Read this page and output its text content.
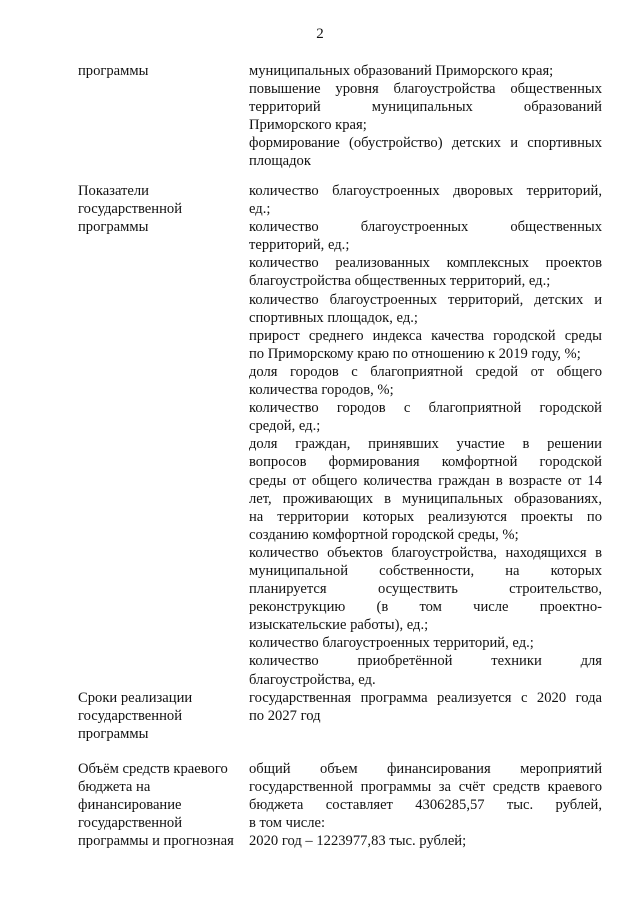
2
программы	муниципальных образований Приморского края;
повышение уровня благоустройства общественных
территорий муниципальных образований
Приморского края;
формирование (обустройство) детских и спортивных
площадок
Показатели
государственной
программы
количество благоустроенных дворовых территорий,
ед.;
количество благоустроенных общественных
территорий, ед.;
количество реализованных комплексных проектов
благоустройства общественных территорий, ед.;
количество благоустроенных территорий, детских и
спортивных площадок, ед.;
прирост среднего индекса качества городской среды
по Приморскому краю по отношению к 2019 году, %;
доля городов с благоприятной средой от общего
количества городов, %;
количество городов с благоприятной городской
средой, ед.;
доля граждан, принявших участие в решении
вопросов формирования комфортной городской
среды от общего количества граждан в возрасте от 14
лет, проживающих в муниципальных образованиях,
на территории которых реализуются проекты по
созданию комфортной городской среды, %;
количество объектов благоустройства, находящихся в
муниципальной собственности, на которых
планируется осуществить строительство,
реконструкцию (в том числе проектно-
изыскательские работы), ед.;
количество благоустроенных территорий, ед.;
количество приобретённой техники для
благоустройства, ед.
Сроки реализации
государственной
программы
государственная программа реализуется с 2020 года
по 2027 год
Объём средств краевого
бюджета на
финансирование
государственной
программы и прогнозная
общий объем финансирования мероприятий
государственной программы за счёт средств краевого
бюджета составляет 4306285,57 тыс. рублей,
в том числе:
2020 год – 1223977,83 тыс. рублей;
